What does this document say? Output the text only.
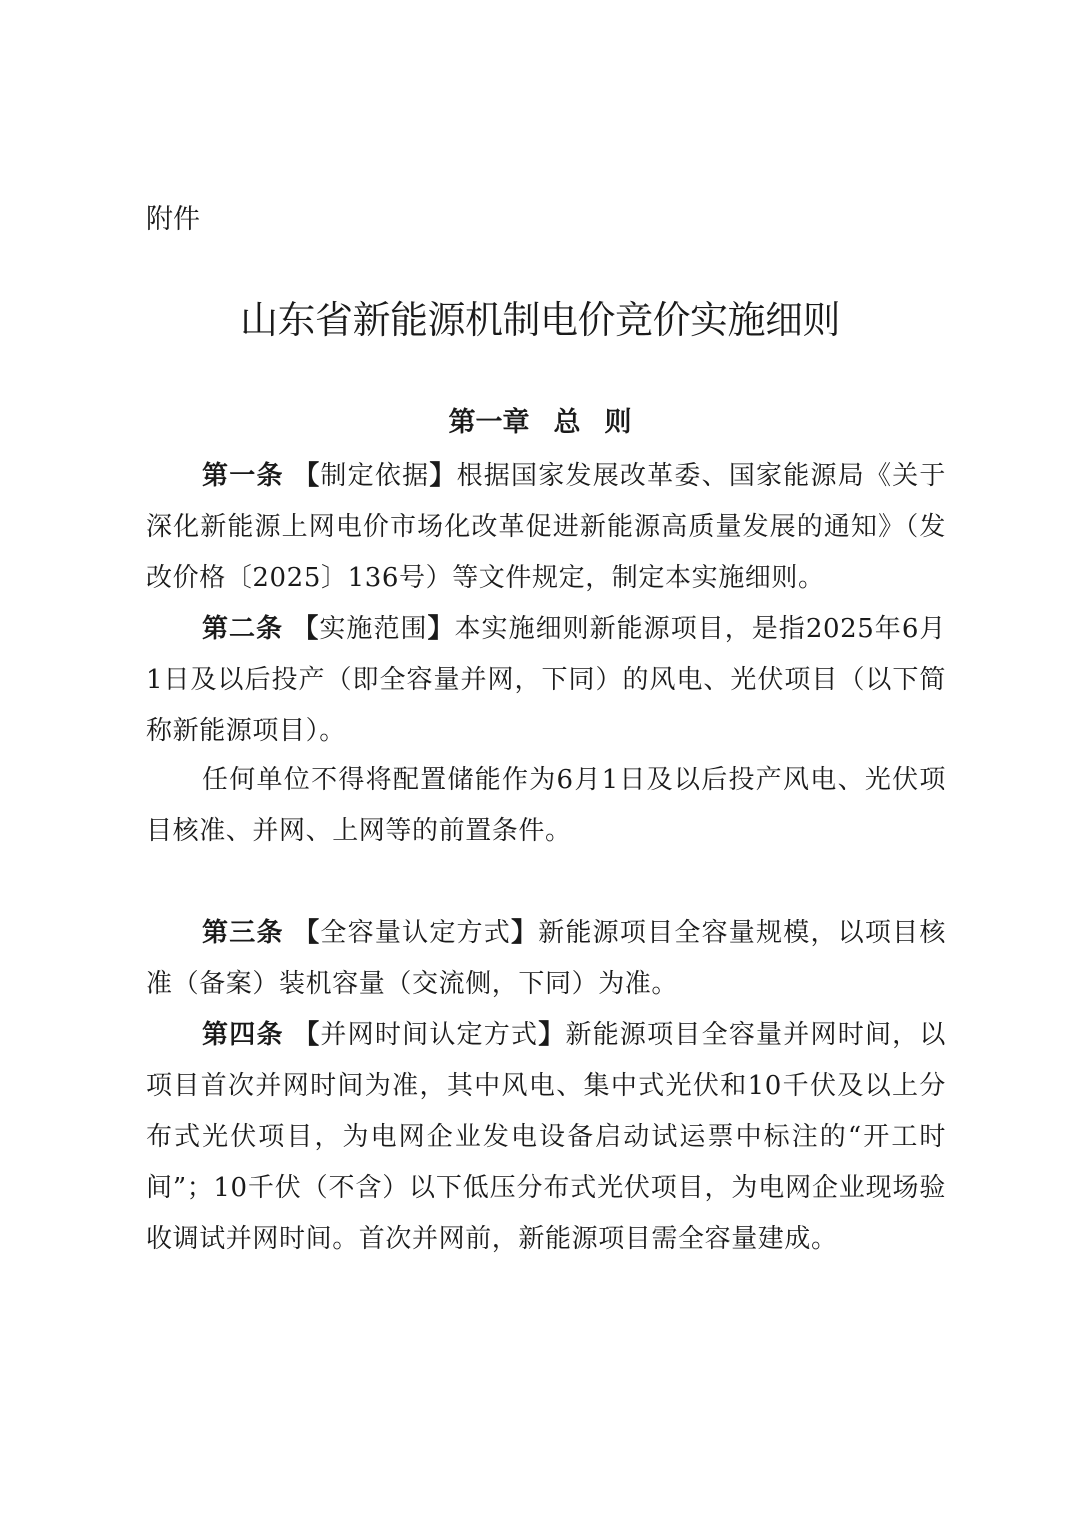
附件
山东省新能源机制电价竞价实施细则
第一章 总 则
第一条 【制定依据】根据国家发展改革委、国家能源局《关于深化新能源上网电价市场化改革促进新能源高质量发展的通知》（发改价格〔2025〕136号）等文件规定，制定本实施细则。
第二条 【实施范围】本实施细则新能源项目，是指2025年6月1日及以后投产（即全容量并网，下同）的风电、光伏项目（以下简称新能源项目）。
任何单位不得将配置储能作为6月1日及以后投产风电、光伏项目核准、并网、上网等的前置条件。
第三条 【全容量认定方式】新能源项目全容量规模，以项目核准（备案）装机容量（交流侧，下同）为准。
第四条 【并网时间认定方式】新能源项目全容量并网时间，以项目首次并网时间为准，其中风电、集中式光伏和10千伏及以上分布式光伏项目，为电网企业发电设备启动试运票中标注的“开工时间”；10千伏（不含）以下低压分布式光伏项目，为电网企业现场验收调试并网时间。首次并网前，新能源项目需全容量建成。
